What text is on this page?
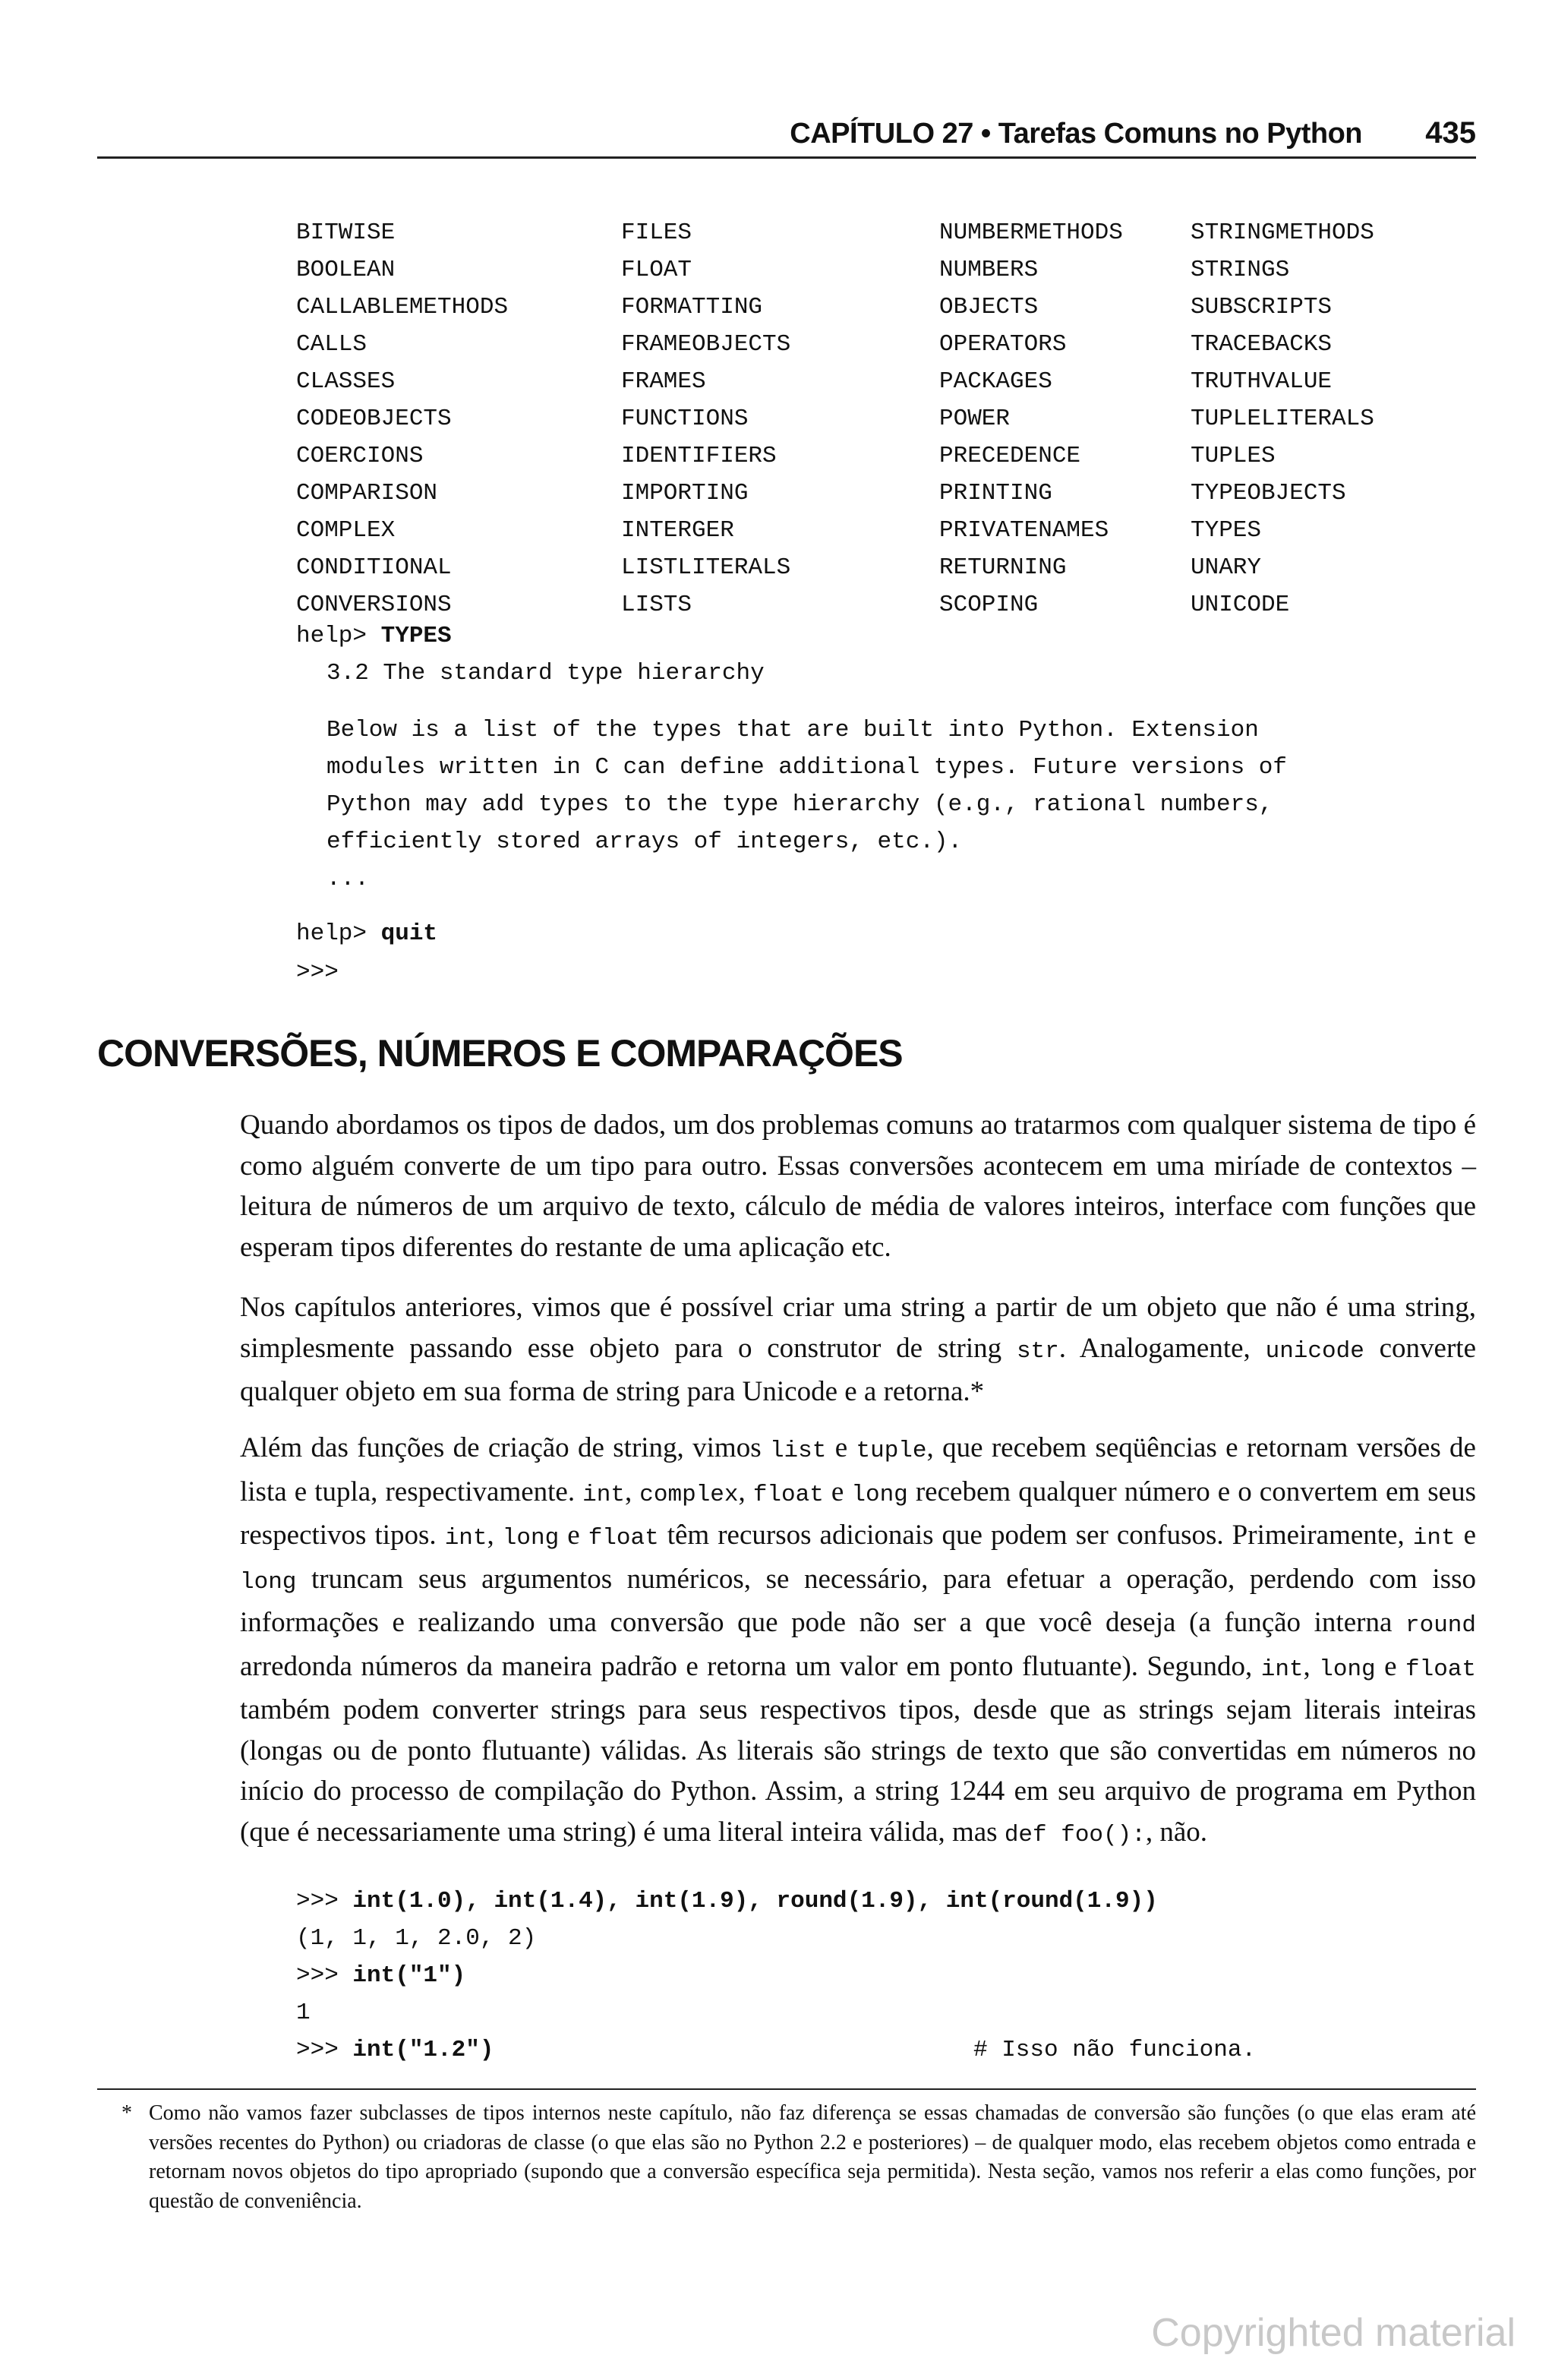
CAPÍTULO 27 • Tarefas Comuns no Python 435
BITWISE	FILES	NUMBERMETHODS	STRINGMETHODS
BOOLEAN	FLOAT	NUMBERS	STRINGS
CALLABLEMETHODS	FORMATTING	OBJECTS	SUBSCRIPTS
CALLS	FRAMEOBJECTS	OPERATORS	TRACEBACKS
CLASSES	FRAMES	PACKAGES	TRUTHVALUE
CODEOBJECTS	FUNCTIONS	POWER	TUPLELITERALS
COERCIONS	IDENTIFIERS	PRECEDENCE	TUPLES
COMPARISON	IMPORTING	PRINTING	TYPEOBJECTS
COMPLEX	INTERGER	PRIVATENAMES	TYPES
CONDITIONAL	LISTLITERALS	RETURNING	UNARY
CONVERSIONS	LISTS	SCOPING	UNICODE
help> TYPES
3.2 The standard type hierarchy
Below is a list of the types that are built into Python. Extension
modules written in C can define additional types. Future versions of
Python may add types to the type hierarchy (e.g., rational numbers,
efficiently stored arrays of integers, etc.).
...
help> quit
>>>
CONVERSÕES, NÚMEROS E COMPARAÇÕES

Quando abordamos os tipos de dados, um dos problemas comuns ao tratarmos com qualquer sistema de tipo é como alguém converte de um tipo para outro. Essas conversões acontecem em uma miríade de contextos – leitura de números de um arquivo de texto, cálculo de média de valores inteiros, interface com funções que esperam tipos diferentes do restante de uma aplicação etc.

Nos capítulos anteriores, vimos que é possível criar uma string a partir de um objeto que não é uma string, simplesmente passando esse objeto para o construtor de string str. Analogamente, unicode converte qualquer objeto em sua forma de string para Unicode e a retorna.*

Além das funções de criação de string, vimos list e tuple, que recebem seqüências e retornam versões de lista e tupla, respectivamente. int, complex, float e long recebem qualquer número e o convertem em seus respectivos tipos. int, long e float têm recursos adicionais que podem ser confusos. Primeiramente, int e long truncam seus argumentos numéricos, se necessário, para efetuar a operação, perdendo com isso informações e realizando uma conversão que pode não ser a que você deseja (a função interna round arredonda números da maneira padrão e retorna um valor em ponto flutuante). Segundo, int, long e float também podem converter strings para seus respectivos tipos, desde que as strings sejam literais inteiras (longas ou de ponto flutuante) válidas. As literais são strings de texto que são convertidas em números no início do processo de compilação do Python. Assim, a string 1244 em seu arquivo de programa em Python (que é necessariamente uma string) é uma literal inteira válida, mas def foo():, não.

>>> int(1.0), int(1.4), int(1.9), round(1.9), int(round(1.9))
(1, 1, 1, 2.0, 2)
>>> int("1")
1
>>> int("1.2")	# Isso não funciona.

* Como não vamos fazer subclasses de tipos internos neste capítulo, não faz diferença se essas chamadas de conversão são funções (o que elas eram até versões recentes do Python) ou criadoras de classe (o que elas são no Python 2.2 e posteriores) – de qualquer modo, elas recebem objetos como entrada e retornam novos objetos do tipo apropriado (supondo que a conversão específica seja permitida). Nesta seção, vamos nos referir a elas como funções, por questão de conveniência.

Copyrighted material
